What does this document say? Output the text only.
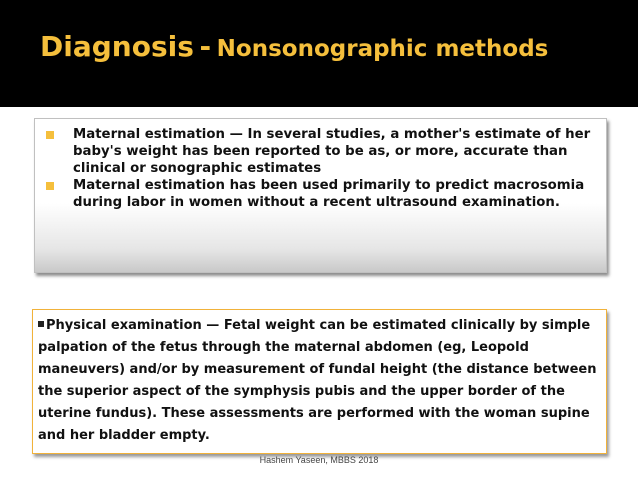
Diagnosis - Nonsonographic methods
Maternal estimation — In several studies, a mother's estimate of her baby's weight has been reported to be as, or more, accurate than clinical or sonographic estimates
Maternal estimation has been used primarily to predict macrosomia during labor in women without a recent ultrasound examination.

Physical examination — Fetal weight can be estimated clinically by simple palpation of the fetus through the maternal abdomen (eg, Leopold maneuvers) and/or by measurement of fundal height (the distance between the superior aspect of the symphysis pubis and the upper border of the uterine fundus). These assessments are performed with the woman supine and her bladder empty.

Hashem Yaseen, MBBS 2018
